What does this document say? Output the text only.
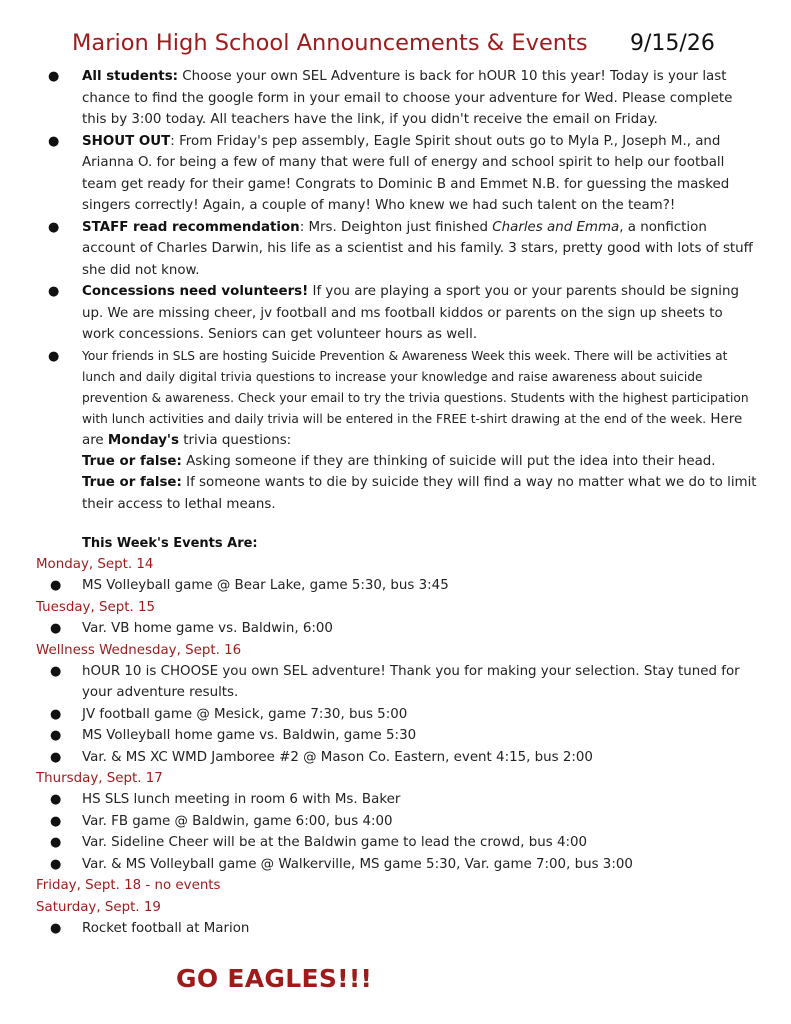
Marion High School Announcements & Events 9/15/26
● All students: Choose your own SEL Adventure is back for hOUR 10 this year! Today is your last chance to find the google form in your email to choose your adventure for Wed. Please complete this by 3:00 today. All teachers have the link, if you didn't receive the email on Friday.
● SHOUT OUT: From Friday's pep assembly, Eagle Spirit shout outs go to Myla P., Joseph M., and Arianna O. for being a few of many that were full of energy and school spirit to help our football team get ready for their game! Congrats to Dominic B and Emmet N.B. for guessing the masked singers correctly! Again, a couple of many! Who knew we had such talent on the team?!
● STAFF read recommendation: Mrs. Deighton just finished Charles and Emma, a nonfiction account of Charles Darwin, his life as a scientist and his family. 3 stars, pretty good with lots of stuff she did not know.
● Concessions need volunteers! If you are playing a sport you or your parents should be signing up. We are missing cheer, jv football and ms football kiddos or parents on the sign up sheets to work concessions. Seniors can get volunteer hours as well.
● Your friends in SLS are hosting Suicide Prevention & Awareness Week this week. There will be activities at lunch and daily digital trivia questions to increase your knowledge and raise awareness about suicide prevention & awareness. Check your email to try the trivia questions. Students with the highest participation with lunch activities and daily trivia will be entered in the FREE t-shirt drawing at the end of the week. Here are Monday's trivia questions:
True or false: Asking someone if they are thinking of suicide will put the idea into their head.
True or false: If someone wants to die by suicide they will find a way no matter what we do to limit their access to lethal means.
This Week's Events Are:
Monday, Sept. 14
● MS Volleyball game @ Bear Lake, game 5:30, bus 3:45
Tuesday, Sept. 15
● Var. VB home game vs. Baldwin, 6:00
Wellness Wednesday, Sept. 16
● hOUR 10 is CHOOSE you own SEL adventure! Thank you for making your selection. Stay tuned for your adventure results.
● JV football game @ Mesick, game 7:30, bus 5:00
● MS Volleyball home game vs. Baldwin, game 5:30
● Var. & MS XC WMD Jamboree #2 @ Mason Co. Eastern, event 4:15, bus 2:00
Thursday, Sept. 17
● HS SLS lunch meeting in room 6 with Ms. Baker
● Var. FB game @ Baldwin, game 6:00, bus 4:00
● Var. Sideline Cheer will be at the Baldwin game to lead the crowd, bus 4:00
● Var. & MS Volleyball game @ Walkerville, MS game 5:30, Var. game 7:00, bus 3:00
Friday, Sept. 18 - no events
Saturday, Sept. 19
● Rocket football at Marion
GO EAGLES!!!
